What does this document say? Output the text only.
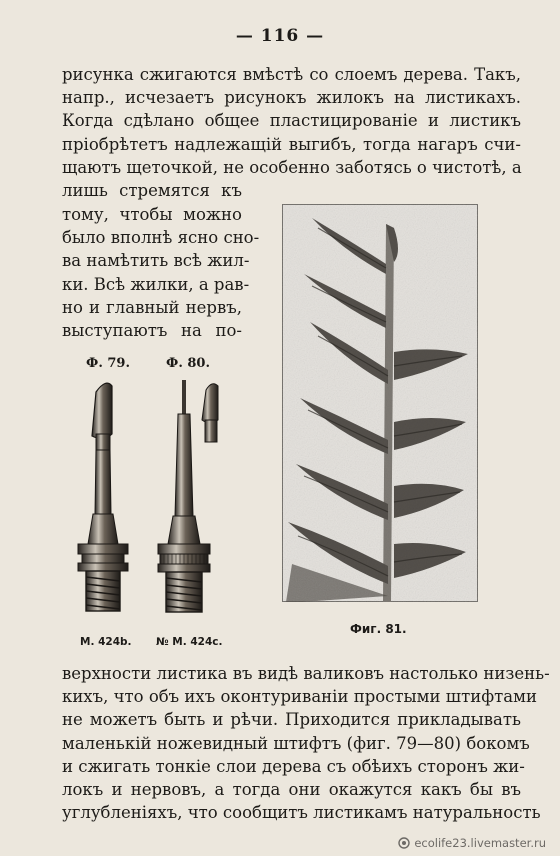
— 116 —
рисунка сжигаются вмѣстѣ со слоемъ дерева. Такъ,
напр., исчезаетъ рисунокъ жилокъ на листикахъ.
Когда сдѣлано общее пластицированіе и листикъ
пріобрѣтетъ надлежащій выгибъ, тогда нагаръ счи-
щаютъ щеточкой, не особенно заботясь о чистотѣ, а
лишь стремятся къ
тому, чтобы можно
было вполнѣ ясно сно-
ва намѣтить всѣ жил-
ки. Всѣ жилки, а рав-
но и главный нервъ,
выступаютъ на по-
Ф. 79.	Ф. 80.
М. 424b. № М. 424с.
Фиг. 81.
верхности листика въ видѣ валиковъ настолько низень-
кихъ, что объ ихъ оконтуриваніи простыми штифтами
не можетъ быть и рѣчи. Приходится прикладывать
маленькій ножевидный штифтъ (фиг. 79—80) бокомъ
и сжигать тонкіе слои дерева съ обѣихъ сторонъ жи-
локъ и нервовъ, а тогда они окажутся какъ бы въ
углубленіяхъ, что сообщитъ листикамъ натуральность
ecolife23.livemaster.ru
